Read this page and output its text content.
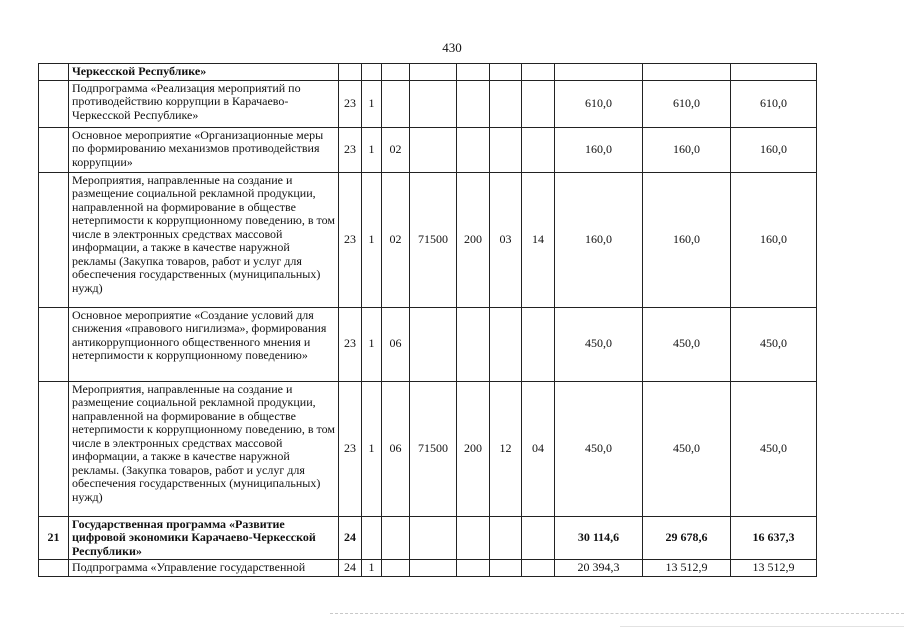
430
	Черкесской Республике»										
	Подпрограмма «Реализация мероприятий по противодействию коррупции в Карачаево-Черкесской Республике»	23	1						610,0	610,0	610,0
	Основное мероприятие «Организационные меры по формированию механизмов противодействия коррупции»	23	1	02					160,0	160,0	160,0
	Мероприятия, направленные на создание и размещение социальной рекламной продукции, направленной на формирование в обществе нетерпимости к коррупционному поведению, в том числе в электронных средствах массовой информации, а также в качестве наружной рекламы (Закупка товаров, работ и услуг для обеспечения государственных (муниципальных) нужд)	23	1	02	71500	200	03	14	160,0	160,0	160,0
	Основное мероприятие «Создание условий для снижения «правового нигилизма», формирования антикоррупционного общественного мнения и нетерпимости к коррупционному поведению»	23	1	06					450,0	450,0	450,0
	Мероприятия, направленные на создание и размещение социальной рекламной продукции, направленной на формирование в обществе нетерпимости к коррупционному поведению, в том числе в электронных средствах массовой информации, а также в качестве наружной рекламы. (Закупка товаров, работ и услуг для обеспечения государственных (муниципальных) нужд)	23	1	06	71500	200	12	04	450,0	450,0	450,0
21	Государственная программа «Развитие цифровой экономики Карачаево-Черкесской Республики»	24							30 114,6	29 678,6	16 637,3
	Подпрограмма «Управление государственной	24	1						20 394,3	13 512,9	13 512,9
